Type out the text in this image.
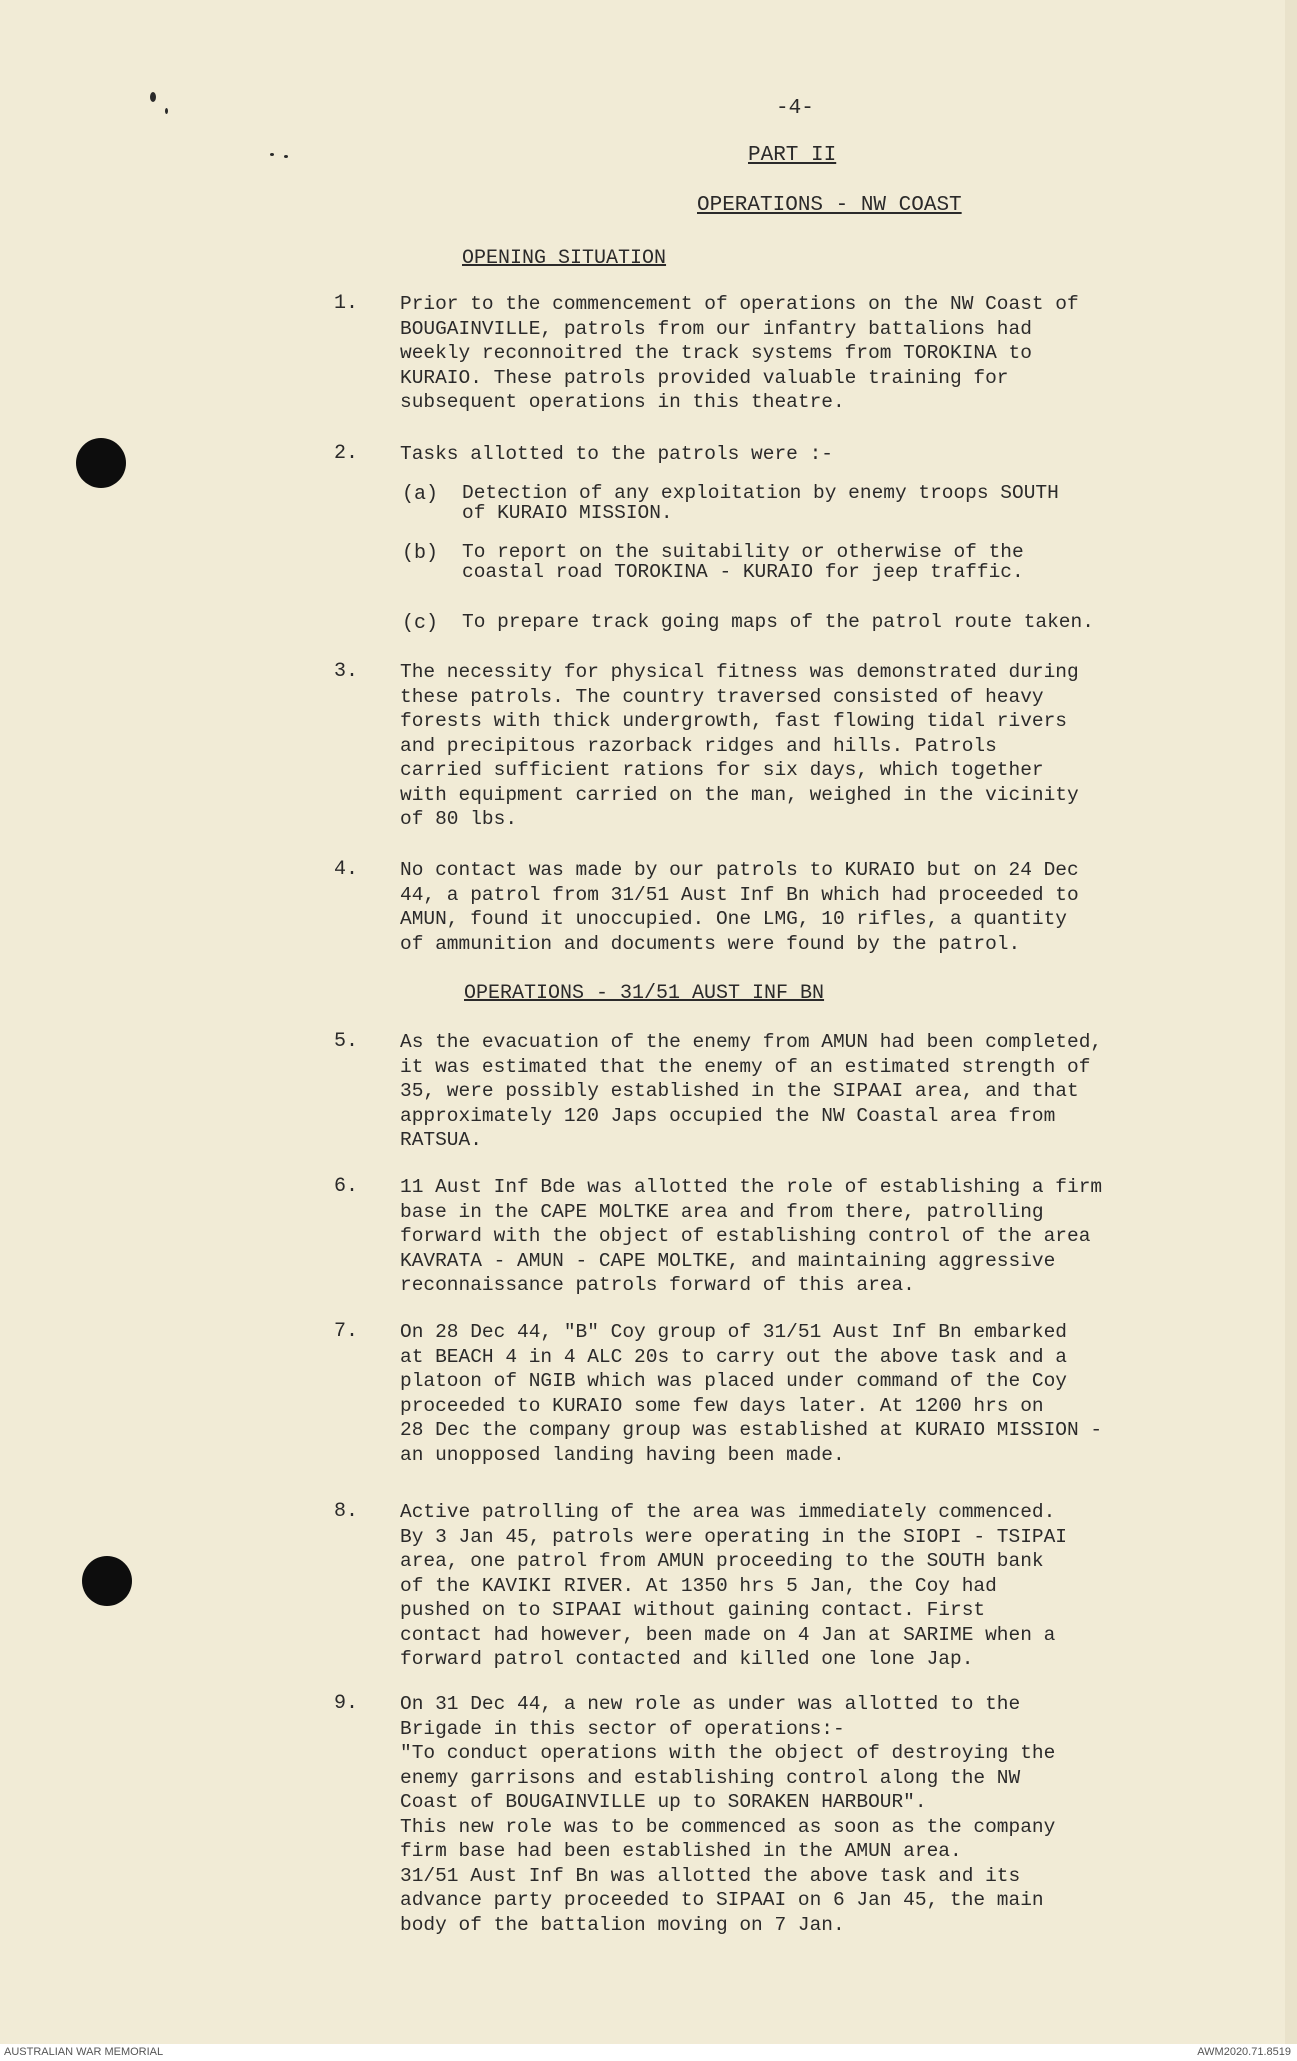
-4-
PART II
OPERATIONS - NW COAST
OPENING SITUATION
1. Prior to the commencement of operations on the NW Coast of
BOUGAINVILLE, patrols from our infantry battalions had
weekly reconnoitred the track systems from TOROKINA to
KURAIO. These patrols provided valuable training for
subsequent operations in this theatre.
2. Tasks allotted to the patrols were :-
(a) Detection of any exploitation by enemy troops SOUTH
of KURAIO MISSION.
(b) To report on the suitability or otherwise of the
coastal road TOROKINA - KURAIO for jeep traffic.
(c) To prepare track going maps of the patrol route taken.
3. The necessity for physical fitness was demonstrated during
these patrols. The country traversed consisted of heavy
forests with thick undergrowth, fast flowing tidal rivers
and precipitous razorback ridges and hills. Patrols
carried sufficient rations for six days, which together
with equipment carried on the man, weighed in the vicinity
of 80 lbs.
4. No contact was made by our patrols to KURAIO but on 24 Dec
44, a patrol from 31/51 Aust Inf Bn which had proceeded to
AMUN, found it unoccupied. One LMG, 10 rifles, a quantity
of ammunition and documents were found by the patrol.
OPERATIONS - 31/51 AUST INF BN
5. As the evacuation of the enemy from AMUN had been completed,
it was estimated that the enemy of an estimated strength of
35, were possibly established in the SIPAAI area, and that
approximately 120 Japs occupied the NW Coastal area from
RATSUA.
6. 11 Aust Inf Bde was allotted the role of establishing a firm
base in the CAPE MOLTKE area and from there, patrolling
forward with the object of establishing control of the area
KAVRATA - AMUN - CAPE MOLTKE, and maintaining aggressive
reconnaissance patrols forward of this area.
7. On 28 Dec 44, "B" Coy group of 31/51 Aust Inf Bn embarked
at BEACH 4 in 4 ALC 20s to carry out the above task and a
platoon of NGIB which was placed under command of the Coy
proceeded to KURAIO some few days later. At 1200 hrs on
28 Dec the company group was established at KURAIO MISSION -
an unopposed landing having been made.
8. Active patrolling of the area was immediately commenced.
By 3 Jan 45, patrols were operating in the SIOPI - TSIPAI
area, one patrol from AMUN proceeding to the SOUTH bank
of the KAVIKI RIVER. At 1350 hrs 5 Jan, the Coy had
pushed on to SIPAAI without gaining contact. First
contact had however, been made on 4 Jan at SARIME when a
forward patrol contacted and killed one lone Jap.
9. On 31 Dec 44, a new role as under was allotted to the
Brigade in this sector of operations:-
"To conduct operations with the object of destroying the
enemy garrisons and establishing control along the NW
Coast of BOUGAINVILLE up to SORAKEN HARBOUR".
This new role was to be commenced as soon as the company
firm base had been established in the AMUN area.
31/51 Aust Inf Bn was allotted the above task and its
advance party proceeded to SIPAAI on 6 Jan 45, the main
body of the battalion moving on 7 Jan.
AUSTRALIAN WAR MEMORIAL	AWM2020.71.8519
